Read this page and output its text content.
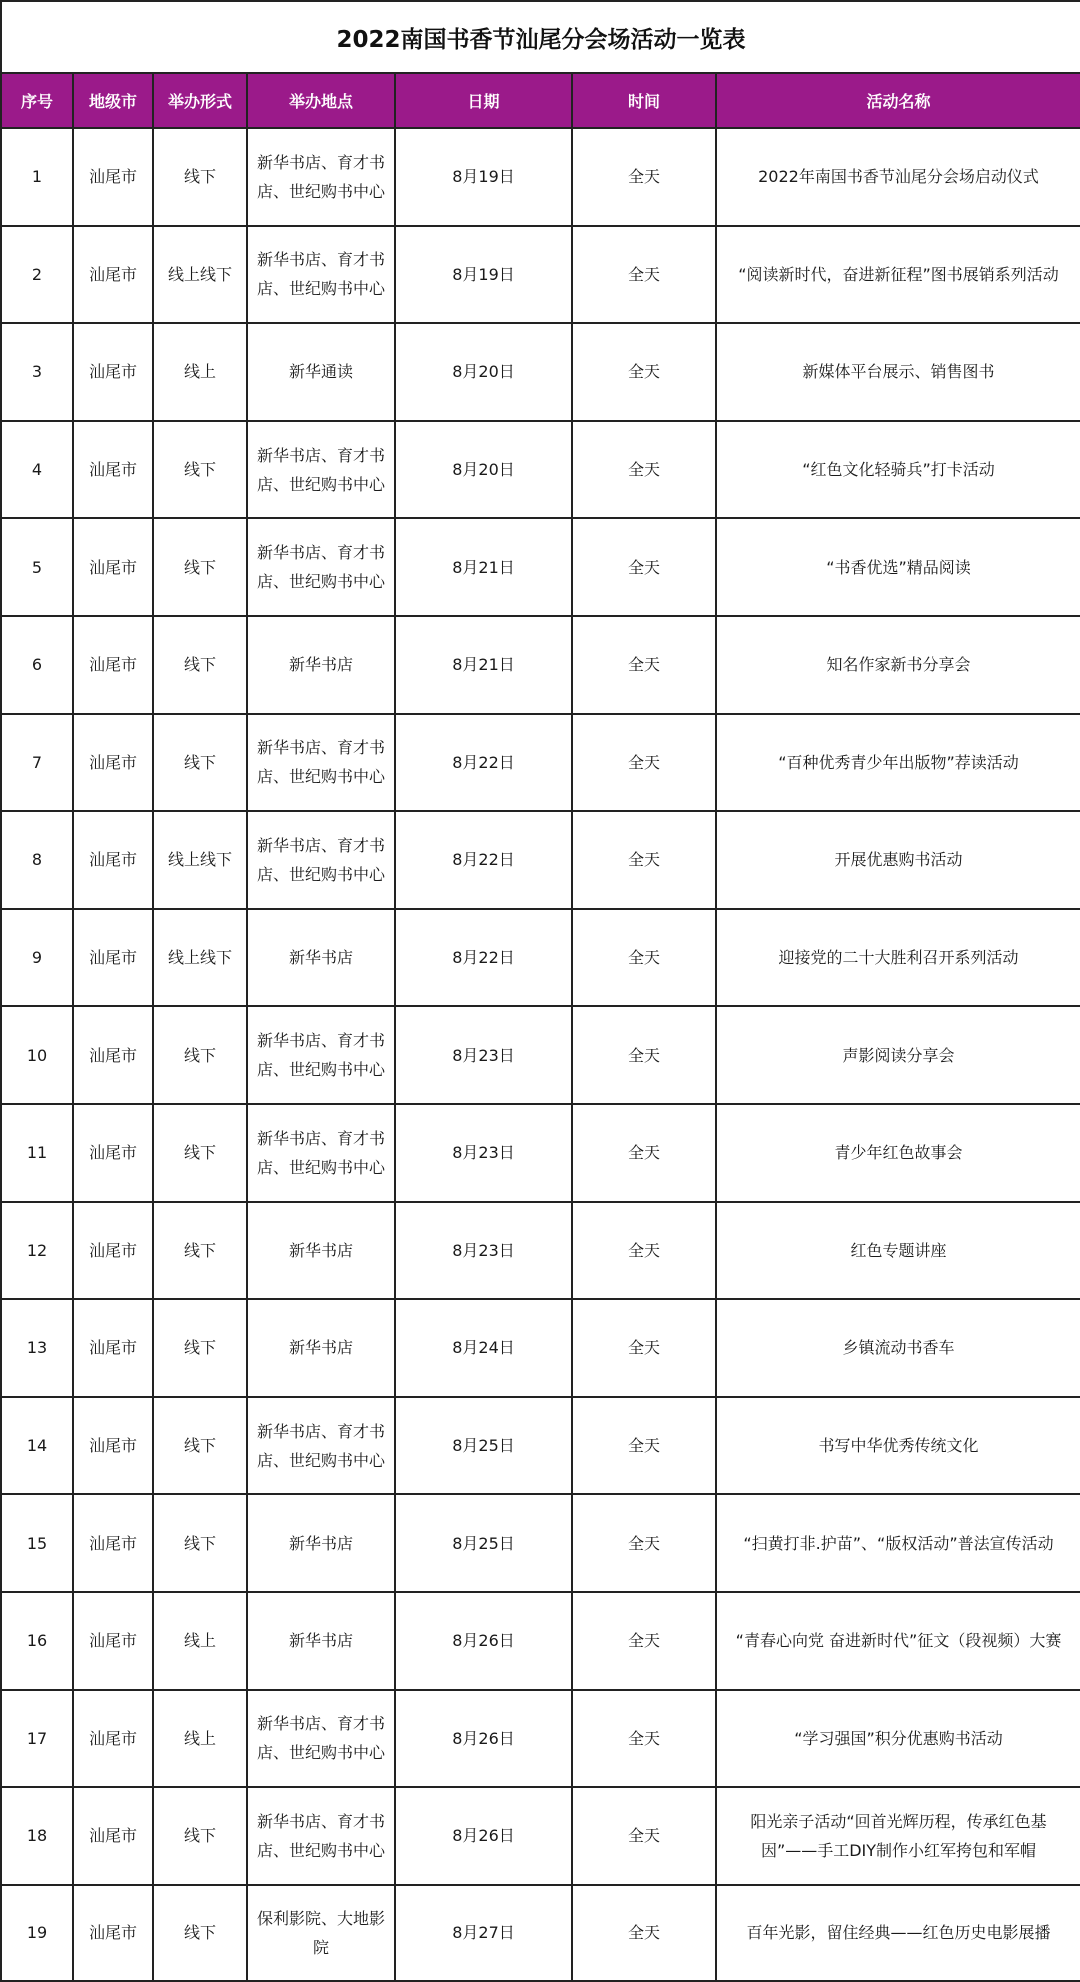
2022南国书香节汕尾分会场活动一览表						
序号	地级市	举办形式	举办地点	日期	时间	活动名称
1	汕尾市	线下	新华书店、育才书店、世纪购书中心	8月19日	全天	2022年南国书香节汕尾分会场启动仪式
2	汕尾市	线上线下	新华书店、育才书店、世纪购书中心	8月19日	全天	“阅读新时代，奋进新征程”图书展销系列活动
3	汕尾市	线上	新华通读	8月20日	全天	新媒体平台展示、销售图书
4	汕尾市	线下	新华书店、育才书店、世纪购书中心	8月20日	全天	“红色文化轻骑兵”打卡活动
5	汕尾市	线下	新华书店、育才书店、世纪购书中心	8月21日	全天	“书香优选”精品阅读
6	汕尾市	线下	新华书店	8月21日	全天	知名作家新书分享会
7	汕尾市	线下	新华书店、育才书店、世纪购书中心	8月22日	全天	“百种优秀青少年出版物”荐读活动
8	汕尾市	线上线下	新华书店、育才书店、世纪购书中心	8月22日	全天	开展优惠购书活动
9	汕尾市	线上线下	新华书店	8月22日	全天	迎接党的二十大胜利召开系列活动
10	汕尾市	线下	新华书店、育才书店、世纪购书中心	8月23日	全天	声影阅读分享会
11	汕尾市	线下	新华书店、育才书店、世纪购书中心	8月23日	全天	青少年红色故事会
12	汕尾市	线下	新华书店	8月23日	全天	红色专题讲座
13	汕尾市	线下	新华书店	8月24日	全天	乡镇流动书香车
14	汕尾市	线下	新华书店、育才书店、世纪购书中心	8月25日	全天	书写中华优秀传统文化
15	汕尾市	线下	新华书店	8月25日	全天	“扫黄打非.护苗”、“版权活动”普法宣传活动
16	汕尾市	线上	新华书店	8月26日	全天	“青春心向党 奋进新时代”征文（段视频）大赛
17	汕尾市	线上	新华书店、育才书店、世纪购书中心	8月26日	全天	“学习强国”积分优惠购书活动
18	汕尾市	线下	新华书店、育才书店、世纪购书中心	8月26日	全天	阳光亲子活动“回首光辉历程，传承红色基因”——手工DIY制作小红军挎包和军帽
19	汕尾市	线下	保利影院、大地影院	8月27日	全天	百年光影，留住经典——红色历史电影展播
